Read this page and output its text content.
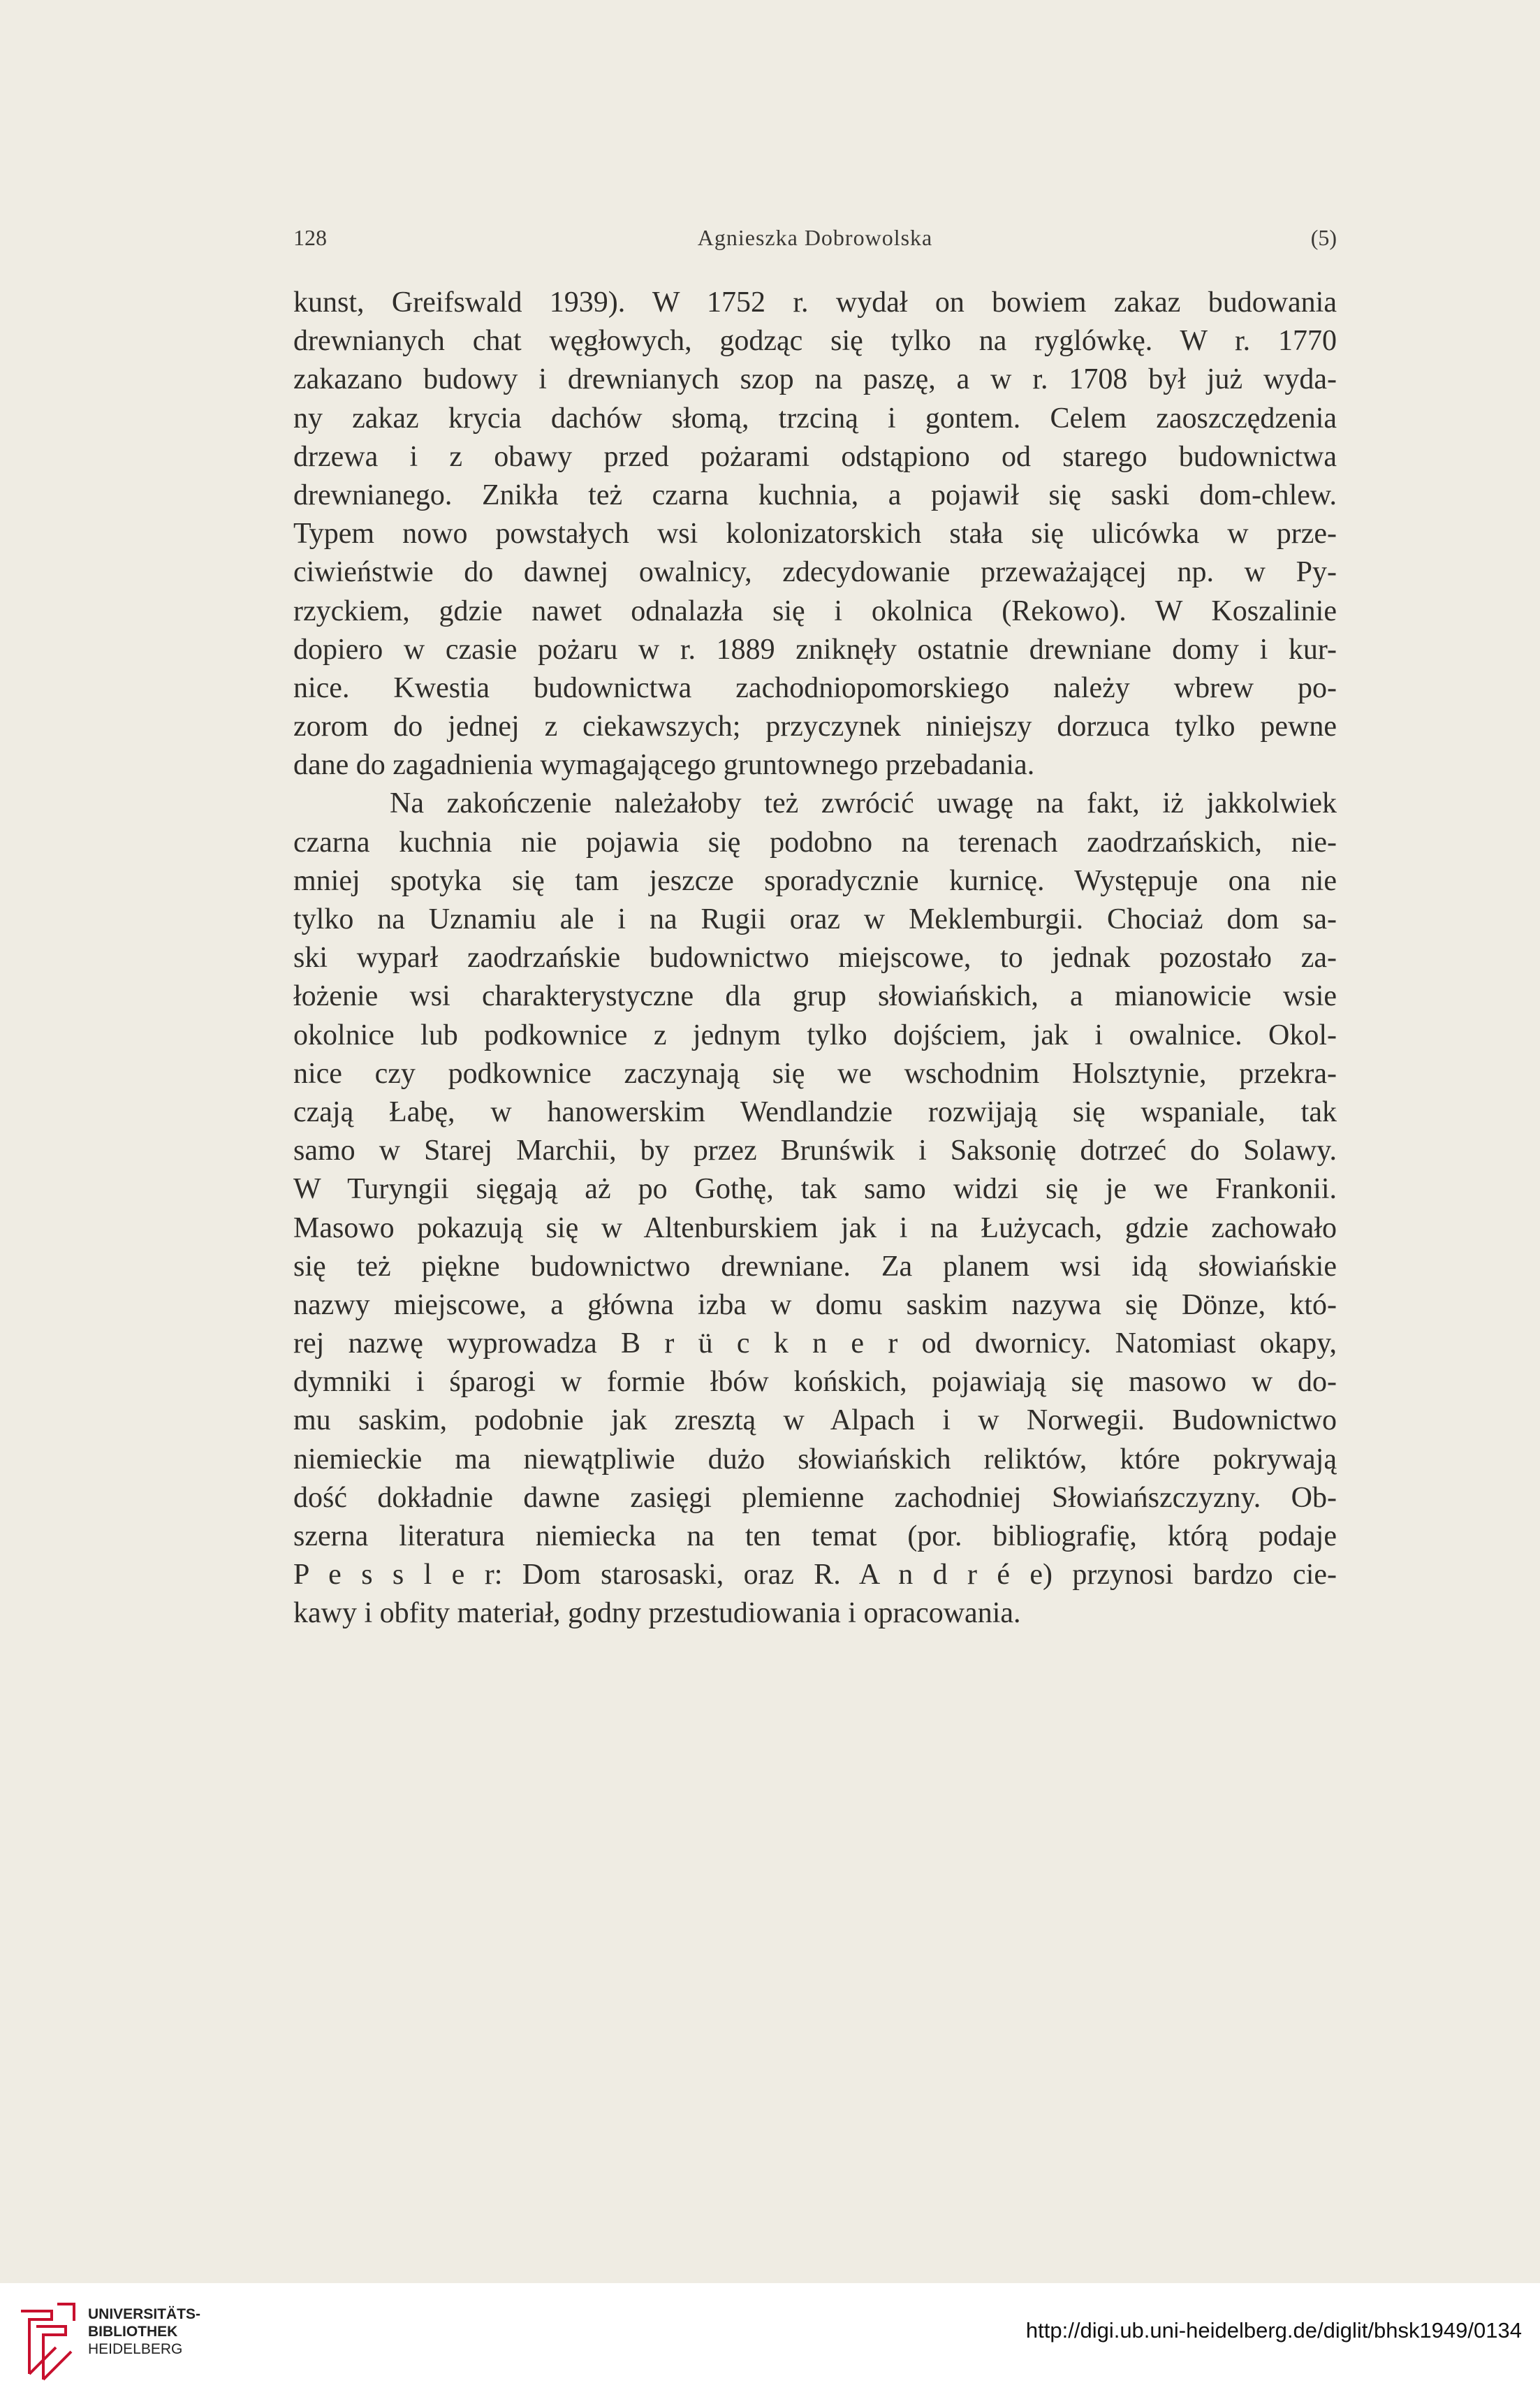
128	Agnieszka Dobrowolska	(5)
kunst, Greifswald 1939). W 1752 r. wydał on bowiem zakaz budowania
drewnianych chat węgłowych, godząc się tylko na ryglówkę. W r. 1770
zakazano budowy i drewnianych szop na paszę, a w r. 1708 był już wyda-
ny zakaz krycia dachów słomą, trzciną i gontem. Celem zaoszczędzenia
drzewa i z obawy przed pożarami odstąpiono od starego budownictwa
drewnianego. Znikła też czarna kuchnia, a pojawił się saski dom-chlew.
Typem nowo powstałych wsi kolonizatorskich stała się ulicówka w prze-
ciwieństwie do dawnej owalnicy, zdecydowanie przeważającej np. w Py-
rzyckiem, gdzie nawet odnalazła się i okolnica (Rekowo). W Koszalinie
dopiero w czasie pożaru w r. 1889 zniknęły ostatnie drewniane domy i kur-
nice. Kwestia budownictwa zachodniopomorskiego należy wbrew po-
zorom do jednej z ciekawszych; przyczynek niniejszy dorzuca tylko pewne
dane do zagadnienia wymagającego gruntownego przebadania.
Na zakończenie należałoby też zwrócić uwagę na fakt, iż jakkolwiek
czarna kuchnia nie pojawia się podobno na terenach zaodrzańskich, nie-
mniej spotyka się tam jeszcze sporadycznie kurnicę. Występuje ona nie
tylko na Uznamiu ale i na Rugii oraz w Meklemburgii. Chociaż dom sa-
ski wyparł zaodrzańskie budownictwo miejscowe, to jednak pozostało za-
łożenie wsi charakterystyczne dla grup słowiańskich, a mianowicie wsie
okolnice lub podkownice z jednym tylko dojściem, jak i owalnice. Okol-
nice czy podkownice zaczynają się we wschodnim Holsztynie, przekra-
czają Łabę, w hanowerskim Wendlandzie rozwijają się wspaniale, tak
samo w Starej Marchii, by przez Brunświk i Saksonię dotrzeć do Solawy.
W Turyngii sięgają aż po Gothę, tak samo widzi się je we Frankonii.
Masowo pokazują się w Altenburskiem jak i na Łużycach, gdzie zachowało
się też piękne budownictwo drewniane. Za planem wsi idą słowiańskie
nazwy miejscowe, a główna izba w domu saskim nazywa się Dönze, któ-
rej nazwę wyprowadza B r ü c k n e r od dwornicy. Natomiast okapy,
dymniki i śparogi w formie łbów końskich, pojawiają się masowo w do-
mu saskim, podobnie jak zresztą w Alpach i w Norwegii. Budownictwo
niemieckie ma niewątpliwie dużo słowiańskich reliktów, które pokrywają
dość dokładnie dawne zasięgi plemienne zachodniej Słowiańszczyzny. Ob-
szerna literatura niemiecka na ten temat (por. bibliografię, którą podaje
P e s s l e r: Dom starosaski, oraz R. A n d r é e) przynosi bardzo cie-
kawy i obfity materiał, godny przestudiowania i opracowania.
UNIVERSITÄTS-
BIBLIOTHEK
HEIDELBERG
http://digi.ub.uni-heidelberg.de/diglit/bhsk1949/0134
